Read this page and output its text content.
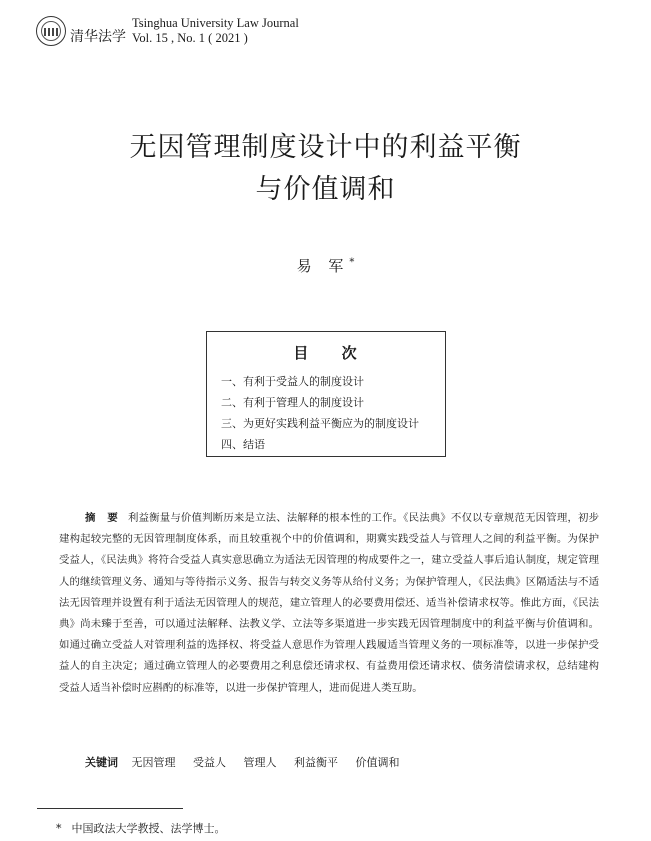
清华法学
Tsinghua University Law Journal
Vol. 15 , No. 1 ( 2021 )
无因管理制度设计中的利益平衡
与价值调和
易 军*
目 次
一、有利于受益人的制度设计
二、有利于管理人的制度设计
三、为更好实践利益平衡应为的制度设计
四、结语
摘 要 利益衡量与价值判断历来是立法、法解释的根本性的工作。《民法典》不仅以专章规范无因管理，初步建构起较完整的无因管理制度体系，而且较重视个中的价值调和，期冀实践受益人与管理人之间的利益平衡。为保护受益人，《民法典》将符合受益人真实意思确立为适法无因管理的构成要件之一，建立受益人事后追认制度，规定管理人的继续管理义务、通知与等待指示义务、报告与转交义务等从给付义务；为保护管理人，《民法典》区隔适法与不适法无因管理并设置有利于适法无因管理人的规范，建立管理人的必要费用偿还、适当补偿请求权等。惟此方面，《民法典》尚未臻于至善，可以通过法解释、法教义学、立法等多渠道进一步实践无因管理制度中的利益平衡与价值调和。如通过确立受益人对管理利益的选择权、将受益人意思作为管理人践履适当管理义务的一项标准等，以进一步保护受益人的自主决定；通过确立管理人的必要费用之利息偿还请求权、有益费用偿还请求权、债务清偿请求权，总结建构受益人适当补偿时应斟酌的标准等，以进一步保护管理人，进而促进人类互助。
关键词 无因管理 受益人 管理人 利益衡平 价值调和
* 中国政法大学教授、法学博士。
